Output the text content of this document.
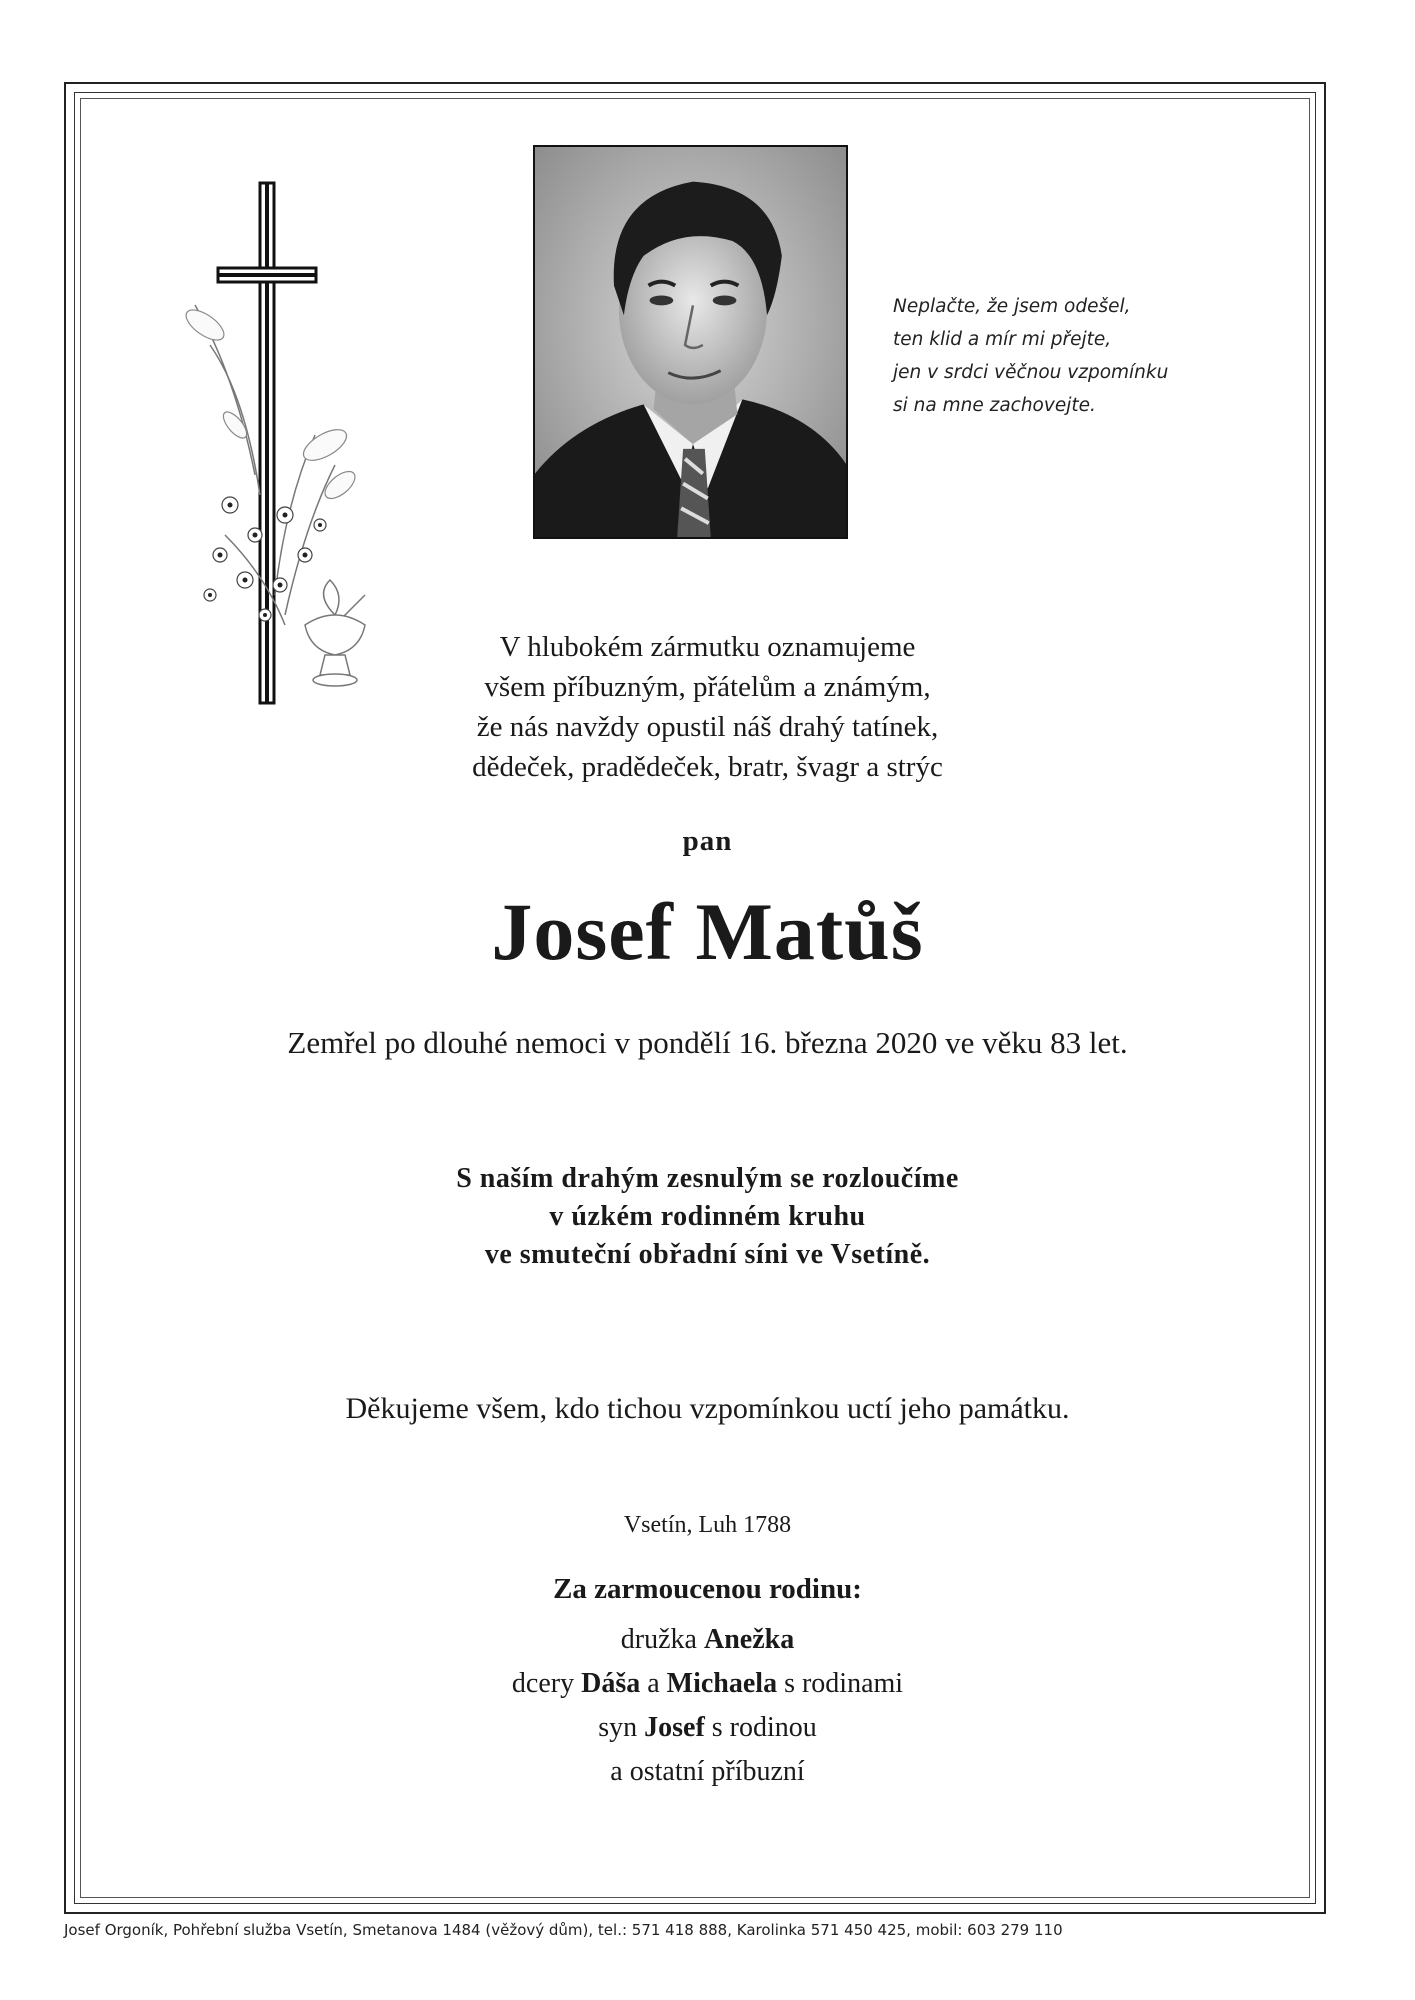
Neplačte, že jsem odešel,
ten klid a mír mi přejte,
jen v srdci věčnou vzpomínku
si na mne zachovejte.
V hlubokém zármutku oznamujeme
všem příbuzným, přátelům a známým,
že nás navždy opustil náš drahý tatínek,
dědeček, pradědeček, bratr, švagr a strýc
pan
Josef Matůš
Zemřel po dlouhé nemoci v pondělí 16. března 2020 ve věku 83 let.
S naším drahým zesnulým se rozloučíme
v úzkém rodinném kruhu
ve smuteční obřadní síni ve Vsetíně.
Děkujeme všem, kdo tichou vzpomínkou uctí jeho památku.
Vsetín, Luh 1788
Za zarmoucenou rodinu:
družka Anežka
dcery Dáša a Michaela s rodinami
syn Josef s rodinou
a ostatní příbuzní
Josef Orgoník, Pohřební služba Vsetín, Smetanova 1484 (věžový dům), tel.: 571 418 888, Karolinka 571 450 425, mobil: 603 279 110
